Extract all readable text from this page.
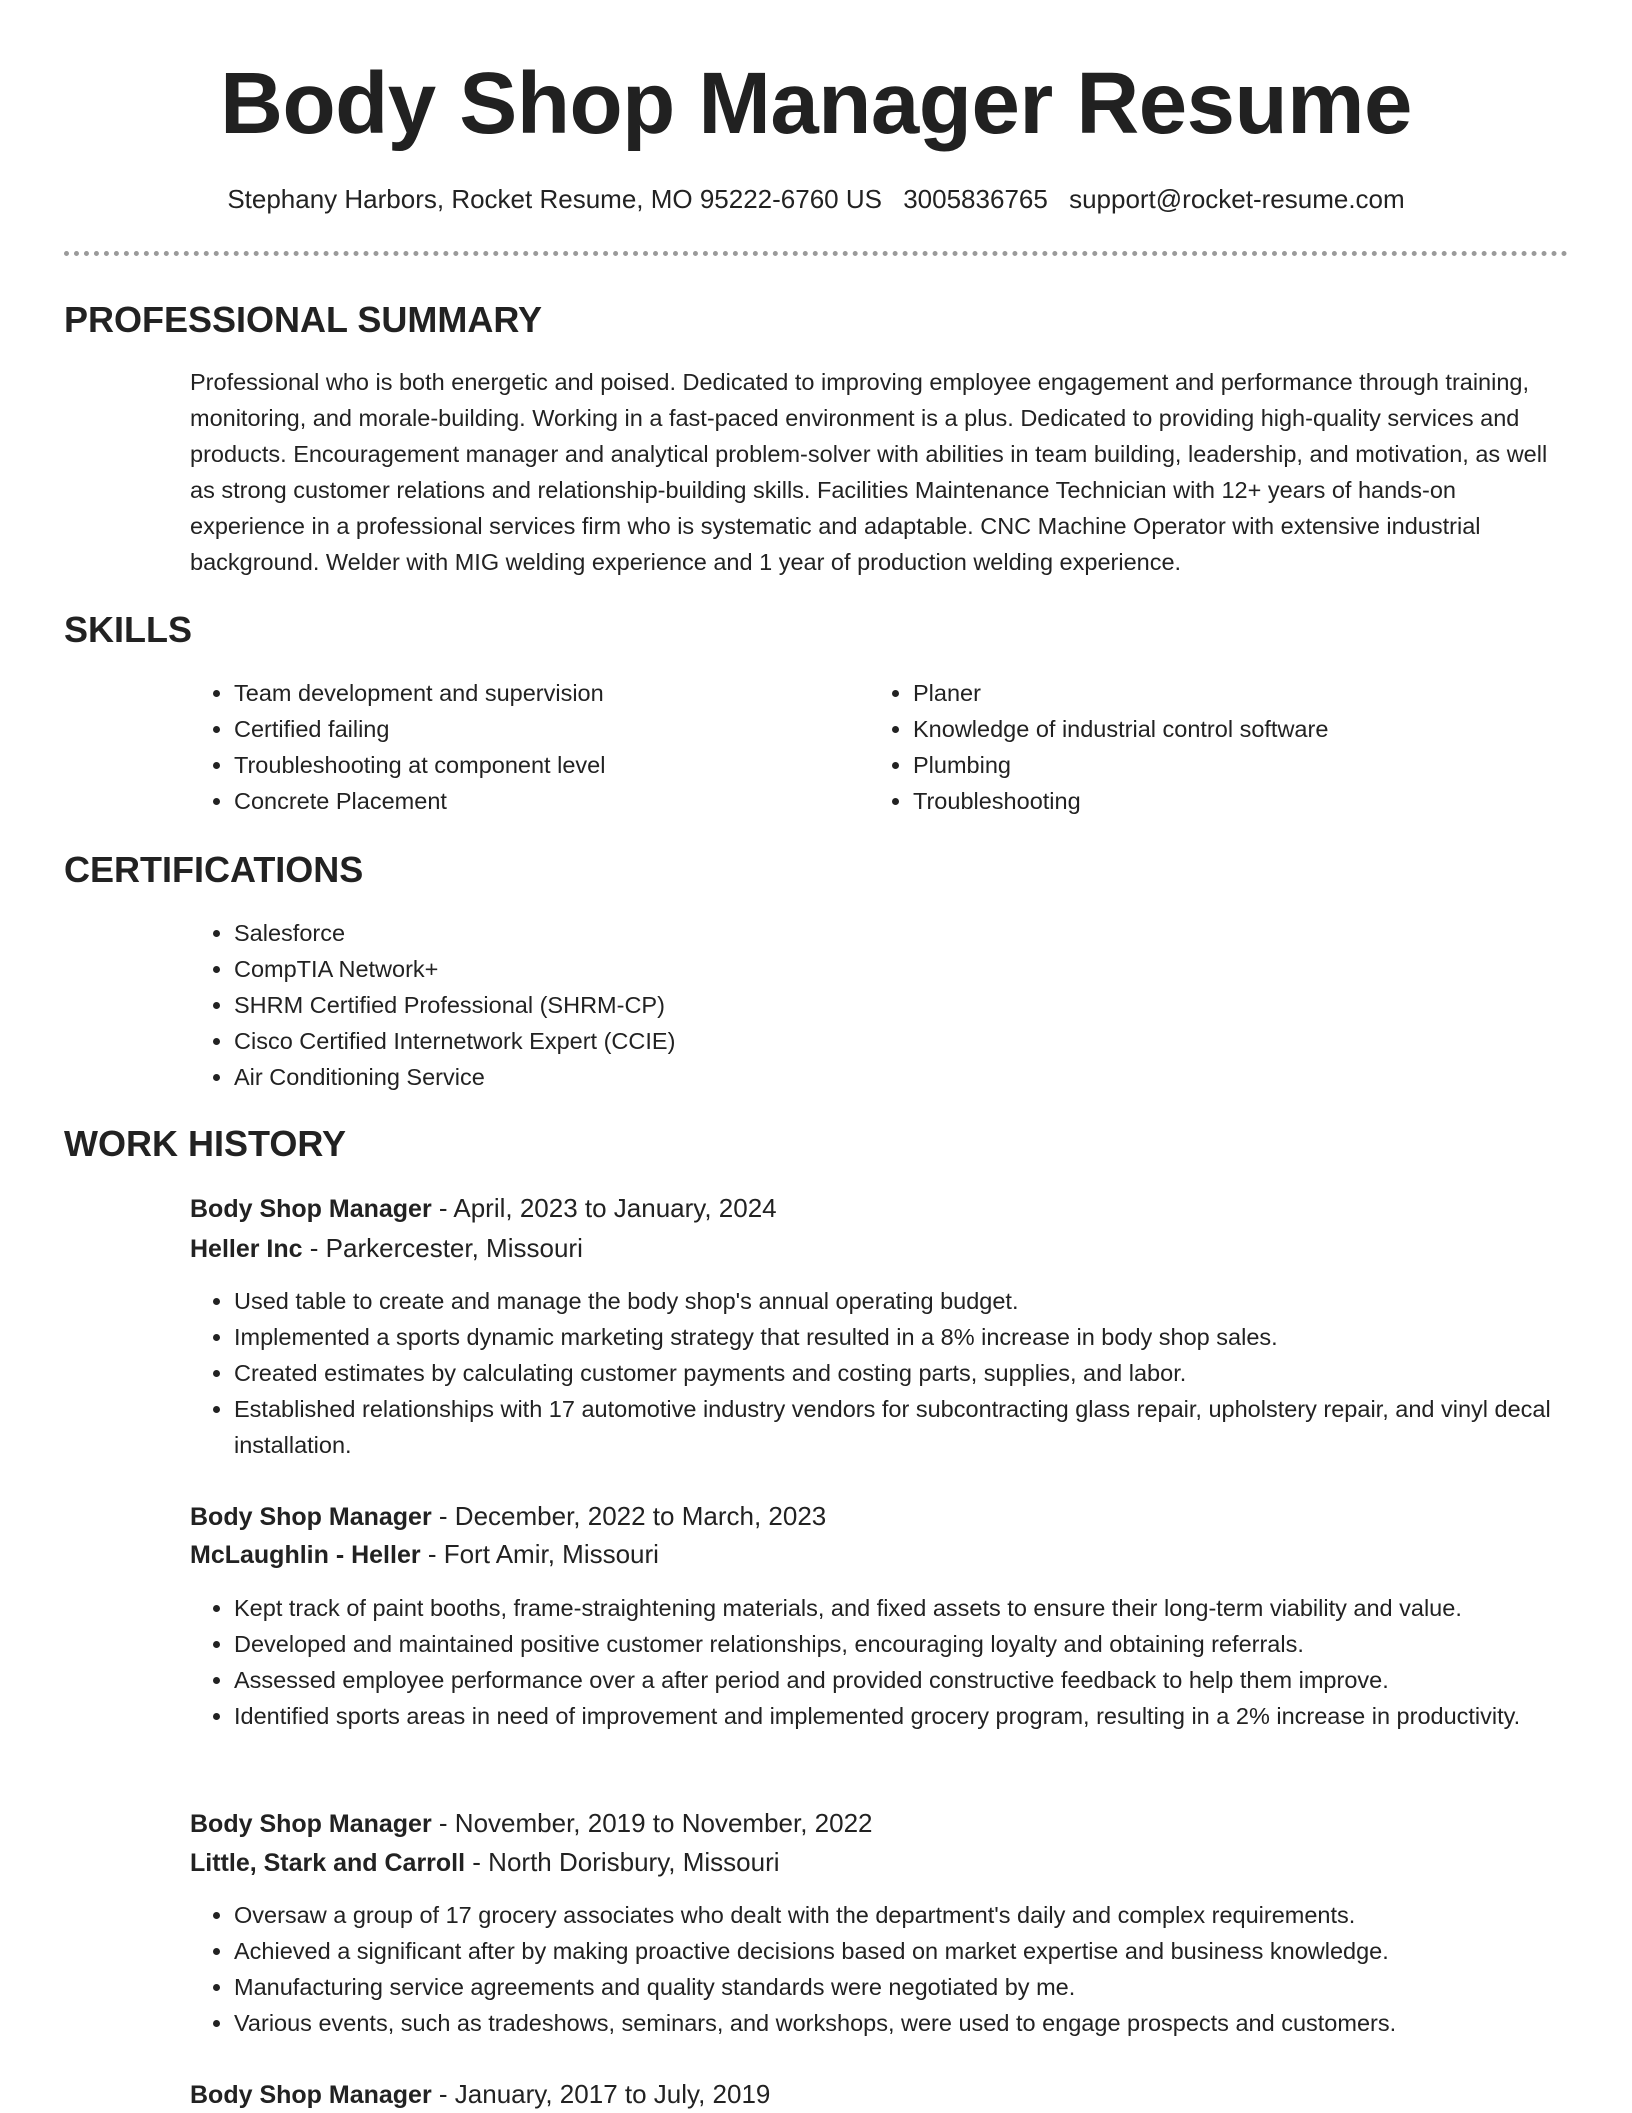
Body Shop Manager Resume
Stephany Harbors, Rocket Resume, MO 95222-6760 US 3005836765 support@rocket-resume.com
PROFESSIONAL SUMMARY

Professional who is both energetic and poised. Dedicated to improving employee engagement and performance through training, monitoring, and morale-building. Working in a fast-paced environment is a plus. Dedicated to providing high-quality services and products. Encouragement manager and analytical problem-solver with abilities in team building, leadership, and motivation, as well as strong customer relations and relationship-building skills. Facilities Maintenance Technician with 12+ years of hands-on experience in a professional services firm who is systematic and adaptable. CNC Machine Operator with extensive industrial background. Welder with MIG welding experience and 1 year of production welding experience.

SKILLS
• Team development and supervision
• Certified failing
• Troubleshooting at component level
• Concrete Placement
• Planer
• Knowledge of industrial control software
• Plumbing
• Troubleshooting
CERTIFICATIONS
• Salesforce
• CompTIA Network+
• SHRM Certified Professional (SHRM-CP)
• Cisco Certified Internetwork Expert (CCIE)
• Air Conditioning Service
WORK HISTORY
Body Shop Manager - April, 2023 to January, 2024
Heller Inc - Parkercester, Missouri
• Used table to create and manage the body shop's annual operating budget.
• Implemented a sports dynamic marketing strategy that resulted in a 8% increase in body shop sales.
• Created estimates by calculating customer payments and costing parts, supplies, and labor.
• Established relationships with 17 automotive industry vendors for subcontracting glass repair, upholstery repair, and vinyl decal installation.
Body Shop Manager - December, 2022 to March, 2023
McLaughlin - Heller - Fort Amir, Missouri
• Kept track of paint booths, frame-straightening materials, and fixed assets to ensure their long-term viability and value.
• Developed and maintained positive customer relationships, encouraging loyalty and obtaining referrals.
• Assessed employee performance over a after period and provided constructive feedback to help them improve.
• Identified sports areas in need of improvement and implemented grocery program, resulting in a 2% increase in productivity.
Body Shop Manager - November, 2019 to November, 2022
Little, Stark and Carroll - North Dorisbury, Missouri
• Oversaw a group of 17 grocery associates who dealt with the department's daily and complex requirements.
• Achieved a significant after by making proactive decisions based on market expertise and business knowledge.
• Manufacturing service agreements and quality standards were negotiated by me.
• Various events, such as tradeshows, seminars, and workshops, were used to engage prospects and customers.
Body Shop Manager - January, 2017 to July, 2019
